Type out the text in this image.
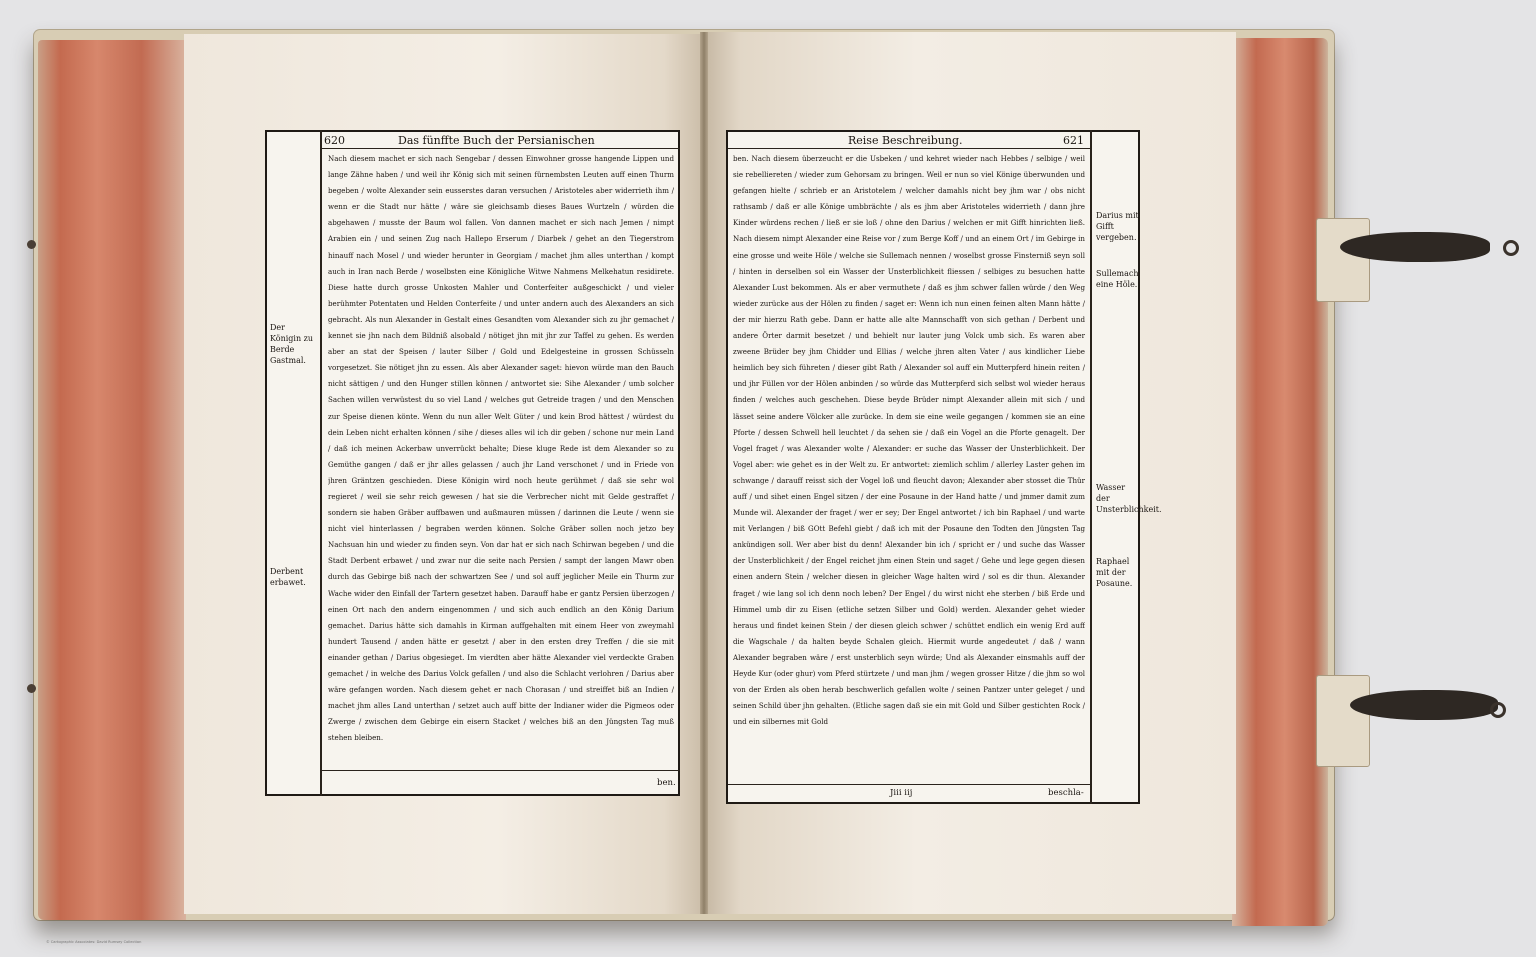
620	Das fünffte Buch der Persianischen

Nach diesem machet er sich nach Sengebar / dessen Einwohner grosse hangende Lippen und lange Zähne haben / und weil ihr König sich mit seinen fürnembsten Leuten auff einen Thurm begeben / wolte Alexander sein eusserstes daran versuchen / Aristoteles aber widerrieth ihm / wenn er die Stadt nur hätte / wäre sie gleichsamb dieses Baues Wurtzeln / würden die abgehawen / musste der Baum wol fallen. Von dannen machet er sich nach Jemen / nimpt Arabien ein / und seinen Zug nach Hallepo Erserum / Diarbek / gehet an den Tiegerstrom hinauff nach Mosel / und wieder herunter in Georgiam / machet jhm alles unterthan / kompt auch in Iran nach Berde / woselbsten eine Königliche Witwe Nahmens Melkehatun residirete. Diese hatte durch grosse Unkosten Mahler und Conterfeiter außgeschickt / und vieler berühmter Potentaten und Helden Conterfeite / und unter andern auch des Alexanders an sich gebracht. Als nun Alexander in Gestalt eines Gesandten vom Alexander sich zu jhr gemachet / kennet sie jhn nach dem Bildniß alsobald / nötiget jhn mit jhr zur Taffel zu gehen. Es werden aber an stat der Speisen / lauter Silber / Gold und Edelgesteine in grossen Schüsseln vorgesetzet. Sie nötiget jhn zu essen. Als aber Alexander saget: hievon würde man den Bauch nicht sättigen / und den Hunger stillen können / antwortet sie: Sihe Alexander / umb solcher Sachen willen verwüstest du so viel Land / welches gut Getreide tragen / und den Menschen zur Speise dienen könte. Wenn du nun aller Welt Güter / und kein Brod hättest / würdest du dein Leben nicht erhalten können / sihe / dieses alles wil ich dir geben / schone nur mein Land / daß ich meinen Ackerbaw unverrückt behalte; Diese kluge Rede ist dem Alexander so zu Gemüthe gangen / daß er jhr alles gelassen / auch jhr Land verschonet / und in Friede von jhren Gräntzen geschieden. Diese Königin wird noch heute gerühmet / daß sie sehr wol regieret / weil sie sehr reich gewesen / hat sie die Verbrecher nicht mit Gelde gestraffet / sondern sie haben Gräber auffbawen und außmauren müssen / darinnen die Leute / wenn sie nicht viel hinterlassen / begraben werden können. Solche Gräber sollen noch jetzo bey Nachsuan hin und wieder zu finden seyn. Von dar hat er sich nach Schirwan begeben / und die Stadt Derbent erbawet / und zwar nur die seite nach Persien / sampt der langen Mawr oben durch das Gebirge biß nach der schwartzen See / und sol auff jeglicher Meile ein Thurm zur Wache wider den Einfall der Tartern gesetzet haben. Darauff habe er gantz Persien überzogen / einen Ort nach den andern eingenommen / und sich auch endlich an den König Darium gemachet. Darius hätte sich damahls in Kirman auffgehalten mit einem Heer von zweymahl hundert Tausend / anden hätte er gesetzt / aber in den ersten drey Treffen / die sie mit einander gethan / Darius obgesieget. Im vierdten aber hätte Alexander viel verdeckte Graben gemachet / in welche des Darius Volck gefallen / und also die Schlacht verlohren / Darius aber wäre gefangen worden. Nach diesem gehet er nach Chorasan / und streiffet biß an Indien / machet jhm alles Land unterthan / setzet auch auff bitte der Indianer wider die Pigmeos oder Zwerge / zwischen dem Gebirge ein eisern Stacket / welches biß an den Jüngsten Tag muß stehen bleiben.

Der Königin zu Berde Gastmal.
Derbent erbawet.
ben.
Reise Beschreibung.	621

ben. Nach diesem überzeucht er die Usbeken / und kehret wieder nach Hebbes / selbige / weil sie rebelliereten / wieder zum Gehorsam zu bringen. Weil er nun so viel Könige überwunden und gefangen hielte / schrieb er an Aristotelem / welcher damahls nicht bey jhm war / obs nicht rathsamb / daß er alle Könige umbbrächte / als es jhm aber Aristoteles widerrieth / dann jhre Kinder würdens rechen / ließ er sie loß / ohne den Darius / welchen er mit Gifft hinrichten ließ. Nach diesem nimpt Alexander eine Reise vor / zum Berge Koff / und an einem Ort / im Gebirge in eine grosse und weite Höle / welche sie Sullemach nennen / woselbst grosse Finsterniß seyn soll / hinten in derselben sol ein Wasser der Unsterblichkeit fliessen / selbiges zu besuchen hatte Alexander Lust bekommen. Als er aber vermuthete / daß es jhm schwer fallen würde / den Weg wieder zurücke aus der Hölen zu finden / saget er: Wenn ich nun einen feinen alten Mann hätte / der mir hierzu Rath gebe. Dann er hatte alle alte Mannschafft von sich gethan / Derbent und andere Örter darmit besetzet / und behielt nur lauter jung Volck umb sich. Es waren aber zweene Brüder bey jhm Chidder und Ellias / welche jhren alten Vater / aus kindlicher Liebe heimlich bey sich führeten / dieser gibt Rath / Alexander sol auff ein Mutterpferd hinein reiten / und jhr Füllen vor der Hölen anbinden / so würde das Mutterpferd sich selbst wol wieder heraus finden / welches auch geschehen. Diese beyde Brüder nimpt Alexander allein mit sich / und lässet seine andere Völcker alle zurücke. In dem sie eine weile gegangen / kommen sie an eine Pforte / dessen Schwell hell leuchtet / da sehen sie / daß ein Vogel an die Pforte genagelt. Der Vogel fraget / was Alexander wolte / Alexander: er suche das Wasser der Unsterblichkeit. Der Vogel aber: wie gehet es in der Welt zu. Er antwortet: ziemlich schlim / allerley Laster gehen im schwange / darauff reisst sich der Vogel loß und fleucht davon; Alexander aber stosset die Thür auff / und sihet einen Engel sitzen / der eine Posaune in der Hand hatte / und jmmer damit zum Munde wil. Alexander der fraget / wer er sey; Der Engel antwortet / ich bin Raphael / und warte mit Verlangen / biß GOtt Befehl giebt / daß ich mit der Posaune den Todten den Jüngsten Tag ankündigen soll. Wer aber bist du denn! Alexander bin ich / spricht er / und suche das Wasser der Unsterblichkeit / der Engel reichet jhm einen Stein und saget / Gehe und lege gegen diesen einen andern Stein / welcher diesen in gleicher Wage halten wird / sol es dir thun. Alexander fraget / wie lang sol ich denn noch leben? Der Engel / du wirst nicht ehe sterben / biß Erde und Himmel umb dir zu Eisen (etliche setzen Silber und Gold) werden. Alexander gehet wieder heraus und findet keinen Stein / der diesen gleich schwer / schüttet endlich ein wenig Erd auff die Wagschale / da halten beyde Schalen gleich. Hiermit wurde angedeutet / daß / wann Alexander begraben wäre / erst unsterblich seyn würde; Und als Alexander einsmahls auff der Heyde Kur (oder ghur) vom Pferd stürtzete / und man jhm / wegen grosser Hitze / die jhm so wol von der Erden als oben herab beschwerlich gefallen wolte / seinen Pantzer unter geleget / und seinen Schild über jhn gehalten. (Etliche sagen daß sie ein mit Gold und Silber gestichten Rock / und ein silbernes mit Gold

Darius mit Gifft vergeben.
Sullemach eine Höle.
Wasser der Unsterblichkeit.
Raphael mit der Posaune.
Jiii iij	beschla-
© Cartographic Associates: David Rumsey Collection
